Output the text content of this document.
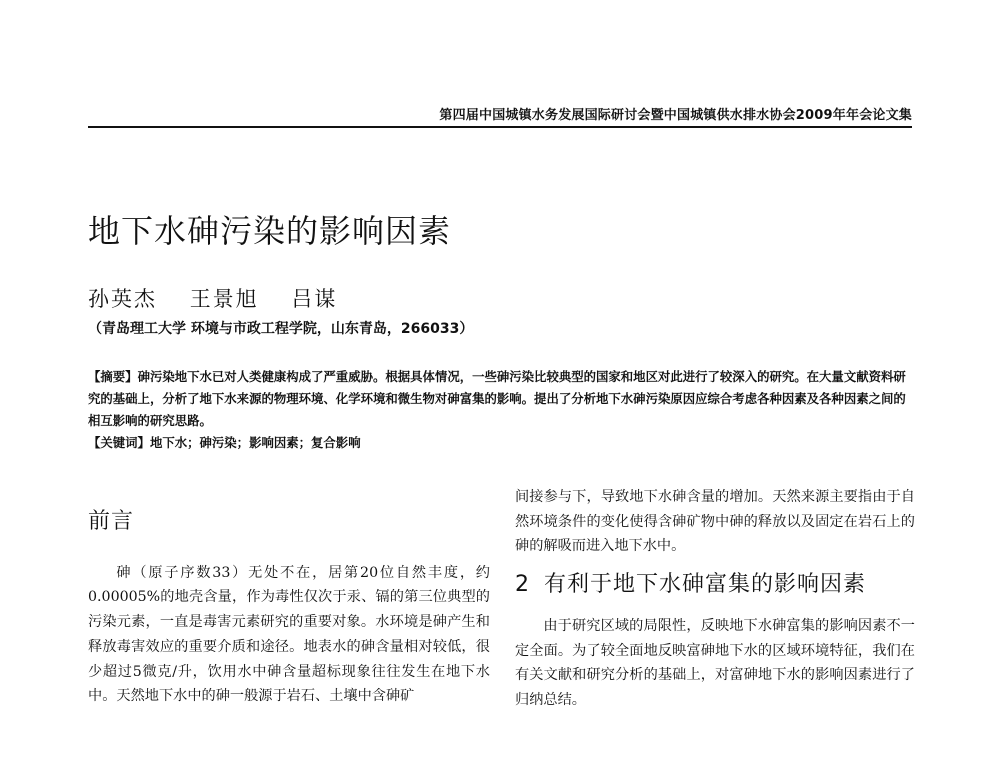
第四届中国城镇水务发展国际研讨会暨中国城镇供水排水协会2009年年会论文集
地下水砷污染的影响因素
孙英杰 王景旭 吕谋
（青岛理工大学 环境与市政工程学院，山东青岛，266033）
【摘要】砷污染地下水已对人类健康构成了严重威胁。根据具体情况，一些砷污染比较典型的国家和地区对此进行了较深入的研究。在大量文献资料研究的基础上，分析了地下水来源的物理环境、化学环境和微生物对砷富集的影响。提出了分析地下水砷污染原因应综合考虑各种因素及各种因素之间的相互影响的研究思路。
【关键词】地下水；砷污染；影响因素；复合影响
前言

砷（原子序数33）无处不在，居第20位自然丰度，约0.00005%的地壳含量，作为毒性仅次于汞、镉的第三位典型的污染元素，一直是毒害元素研究的重要对象。水环境是砷产生和释放毒害效应的重要介质和途径。地表水的砷含量相对较低，很少超过5微克/升，饮用水中砷含量超标现象往往发生在地下水中。天然地下水中的砷一般源于岩石、土壤中含砷矿

间接参与下，导致地下水砷含量的增加。天然来源主要指由于自然环境条件的变化使得含砷矿物中砷的释放以及固定在岩石上的砷的解吸而进入地下水中。

2 有利于地下水砷富集的影响因素

由于研究区域的局限性，反映地下水砷富集的影响因素不一定全面。为了较全面地反映富砷地下水的区域环境特征，我们在有关文献和研究分析的基础上，对富砷地下水的影响因素进行了归纳总结。
